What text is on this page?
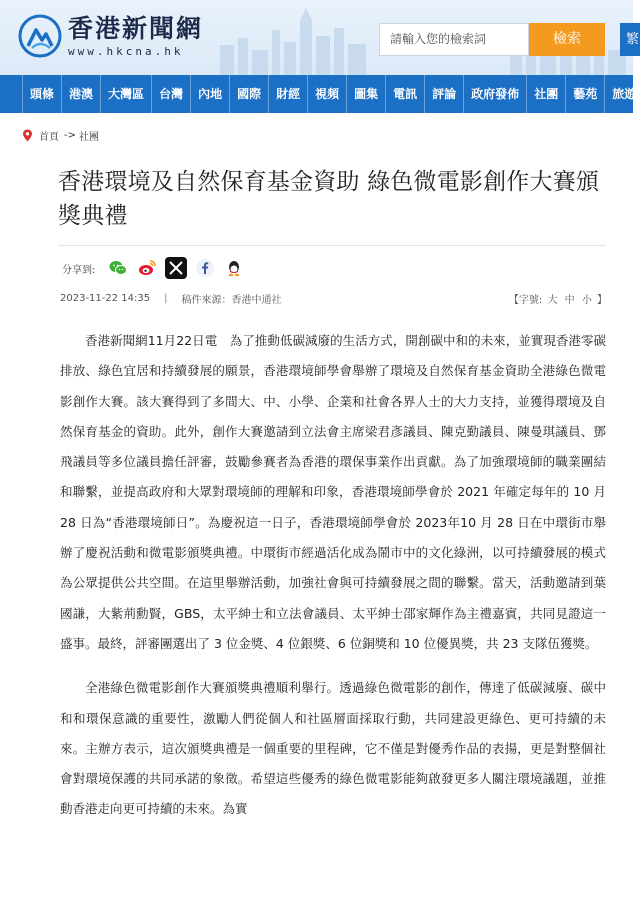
香港新聞網
www.hkcna.hk
請輸入您的檢索詞	檢索	繁
頭條	港澳	大灣區	台灣	內地	國際	財經	視頻	圖集	電訊	評論	政府發佈	社團	藝苑	旅遊
首頁 -> 社團
香港環境及自然保育基金資助 綠色微電影創作大賽頒獎典禮
分享到:
2023-11-22 14:35 | 稿件來源：香港中通社	【字號: 大 中 小 】

香港新聞網11月22日電　為了推動低碳減廢的生活方式，開創碳中和的未來，並實現香港零碳排放、綠色宜居和持續發展的願景，香港環境師學會舉辦了環境及自然保育基金資助全港綠色微電影創作大賽。該大賽得到了多間大、中、小學、企業和社會各界人士的大力支持，並獲得環境及自然保育基金的資助。此外，創作大賽邀請到立法會主席梁君彥議員、陳克勤議員、陳曼琪議員、鄧飛議員等多位議員擔任評審，鼓勵參賽者為香港的環保事業作出貢獻。為了加強環境師的職業團結和聯繫，並提高政府和大眾對環境師的理解和印象，香港環境師學會於 2021 年確定每年的 10 月 28 日為“香港環境師日”。為慶祝這一日子，香港環境師學會於 2023年10 月 28 日在中環街市舉辦了慶祝活動和微電影頒獎典禮。中環街市經過活化成為鬧市中的文化綠洲，以可持續發展的模式為公眾提供公共空間。在這里舉辦活動，加強社會與可持續發展之間的聯繫。當天，活動邀請到葉國謙，大紫荊勳賢，GBS，太平紳士和立法會議員、太平紳士邵家輝作為主禮嘉賓，共同見證這一盛事。最終，評審團選出了 3 位金獎、4 位銀獎、6 位銅獎和 10 位優異獎，共 23 支隊伍獲獎。

全港綠色微電影創作大賽頒獎典禮順利舉行。透過綠色微電影的創作，傳達了低碳減廢、碳中和和環保意識的重要性，激勵人們從個人和社區層面採取行動，共同建設更綠色、更可持續的未來。主辦方表示，這次頒獎典禮是一個重要的里程碑，它不僅是對優秀作品的表揚，更是對整個社會對環境保護的共同承諾的象徵。希望這些優秀的綠色微電影能夠啟發更多人關注環境議題，並推動香港走向更可持續的未來。為實
